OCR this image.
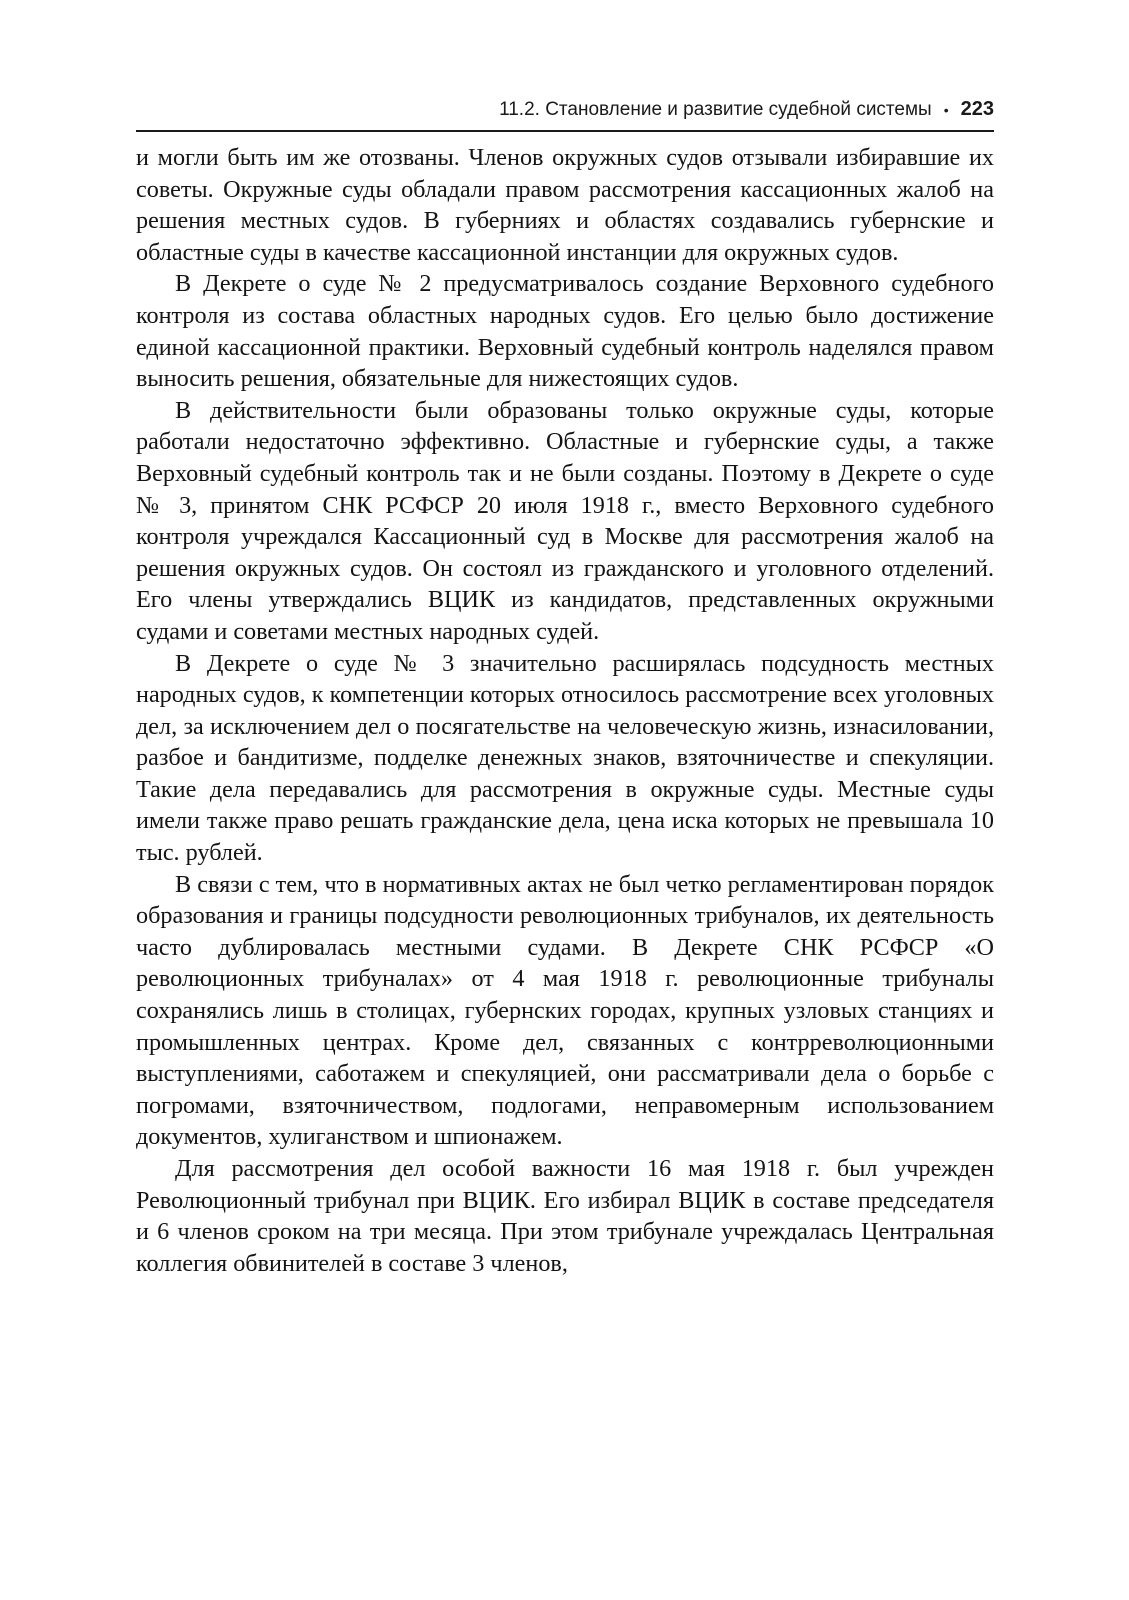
11.2. Становление и развитие судебной системы • 223

и могли быть им же отозваны. Членов окружных судов отзывали избиравшие их советы. Окружные суды обладали правом рассмотрения кассационных жалоб на решения местных судов. В губерниях и областях создавались губернские и областные суды в качестве кассационной инстанции для окружных судов.

В Декрете о суде № 2 предусматривалось создание Верховного судебного контроля из состава областных народных судов. Его целью было достижение единой кассационной практики. Верховный судебный контроль наделялся правом выносить решения, обязательные для нижестоящих судов.

В действительности были образованы только окружные суды, которые работали недостаточно эффективно. Областные и губернские суды, а также Верховный судебный контроль так и не были созданы. Поэтому в Декрете о суде № 3, принятом СНК РСФСР 20 июля 1918 г., вместо Верховного судебного контроля учреждался Кассационный суд в Москве для рассмотрения жалоб на решения окружных судов. Он состоял из гражданского и уголовного отделений. Его члены утверждались ВЦИК из кандидатов, представленных окружными судами и советами местных народных судей.

В Декрете о суде № 3 значительно расширялась подсудность местных народных судов, к компетенции которых относилось рассмотрение всех уголовных дел, за исключением дел о посягательстве на человеческую жизнь, изнасиловании, разбое и бандитизме, подделке денежных знаков, взяточничестве и спекуляции. Такие дела передавались для рассмотрения в окружные суды. Местные суды имели также право решать гражданские дела, цена иска которых не превышала 10 тыс. рублей.

В связи с тем, что в нормативных актах не был четко регламентирован порядок образования и границы подсудности революционных трибуналов, их деятельность часто дублировалась местными судами. В Декрете СНК РСФСР «О революционных трибуналах» от 4 мая 1918 г. революционные трибуналы сохранялись лишь в столицах, губернских городах, крупных узловых станциях и промышленных центрах. Кроме дел, связанных с контрреволюционными выступлениями, саботажем и спекуляцией, они рассматривали дела о борьбе с погромами, взяточничеством, подлогами, неправомерным использованием документов, хулиганством и шпионажем.

Для рассмотрения дел особой важности 16 мая 1918 г. был учрежден Революционный трибунал при ВЦИК. Его избирал ВЦИК в составе председателя и 6 членов сроком на три месяца. При этом трибунале учреждалась Центральная коллегия обвинителей в составе 3 членов,
